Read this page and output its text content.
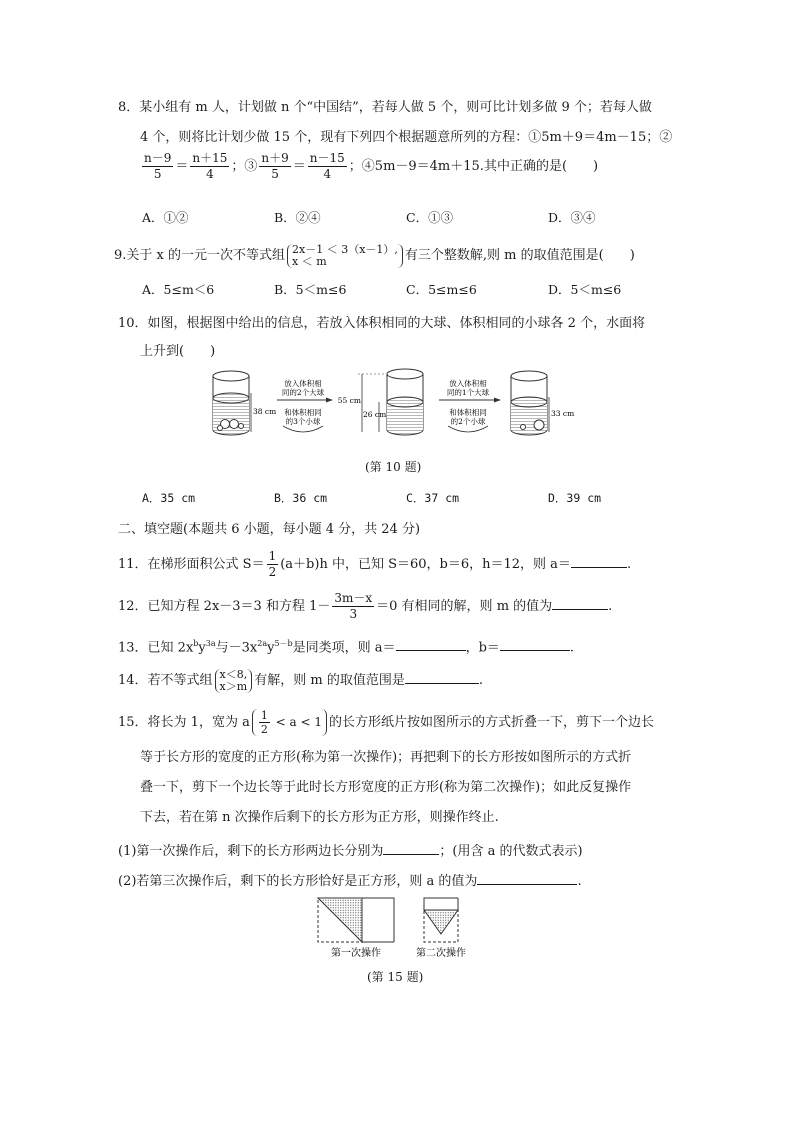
8．某小组有 m 人，计划做 n 个“中国结”，若每人做 5 个，则可比计划多做 9 个；若每人做
4 个，则将比计划少做 15 个，现有下列四个根据题意所列的方程：①5m＋9＝4m－15；②
$\frac{n-9}{5} = \frac{n+15}{4}$ ；③ $\frac{n+9}{5} = \frac{n-15}{4}$ ；④5m－9＝4m＋15.其中正确的是(　　)
A．①②	B．②④	C．①③	D．③④
9.关于 x 的一元一次不等式组 2x－1 ＜ 3（x－1）,
x ＜ m	有三个整数解,则 m 的取值范围是(　　)
A．5≤m＜6	B．5＜m≤6	C．5≤m≤6	D．5＜m≤6
10．如图，根据图中给出的信息，若放入体积相同的大球、体积相同的小球各 2 个，水面将
上升到(　　)
38 cm
放入体积相
同的2个大球
和体积相同
的3个小球
55 cm
26 cm
放入体积相
同的1个大球
和体积相同
的2个小球
33 cm
(第 10 题)
A．35 cm	B．36 cm	C．37 cm	D．39 cm
二、填空题(本题共 6 小题，每小题 4 分，共 24 分)
11．在梯形面积公式 $S= \frac{1}{2} (a+b)h$ 中，已知 S＝60，b＝6，h＝12，则 a＝	.
12．已知方程 2x－3＝3 和方程 $1- \frac{3m-x}{3} =0$ 有相同的解，则 m 的值为	.
13．已知 $2x^by^{3a}$与$-3x^{2a}y^{5-b}$是同类项，则 a＝	，b＝	.
14．若不等式组 x＜8,
x＞m 有解，则 m 的取值范围是	.
15．将长为 1，宽为 a $\frac{1}{2} < a < 1$ 的长方形纸片按如图所示的方式折叠一下，剪下一个边长
等于长方形的宽度的正方形(称为第一次操作)；再把剩下的长方形按如图所示的方式折
叠一下，剪下一个边长等于此时长方形宽度的正方形(称为第二次操作)；如此反复操作
下去，若在第 n 次操作后剩下的长方形为正方形，则操作终止.
(1)第一次操作后，剩下的长方形两边长分别为	；(用含 a 的代数式表示)
(2)若第三次操作后，剩下的长方形恰好是正方形，则 a 的值为	.
第一次操作	第二次操作
(第 15 题)
